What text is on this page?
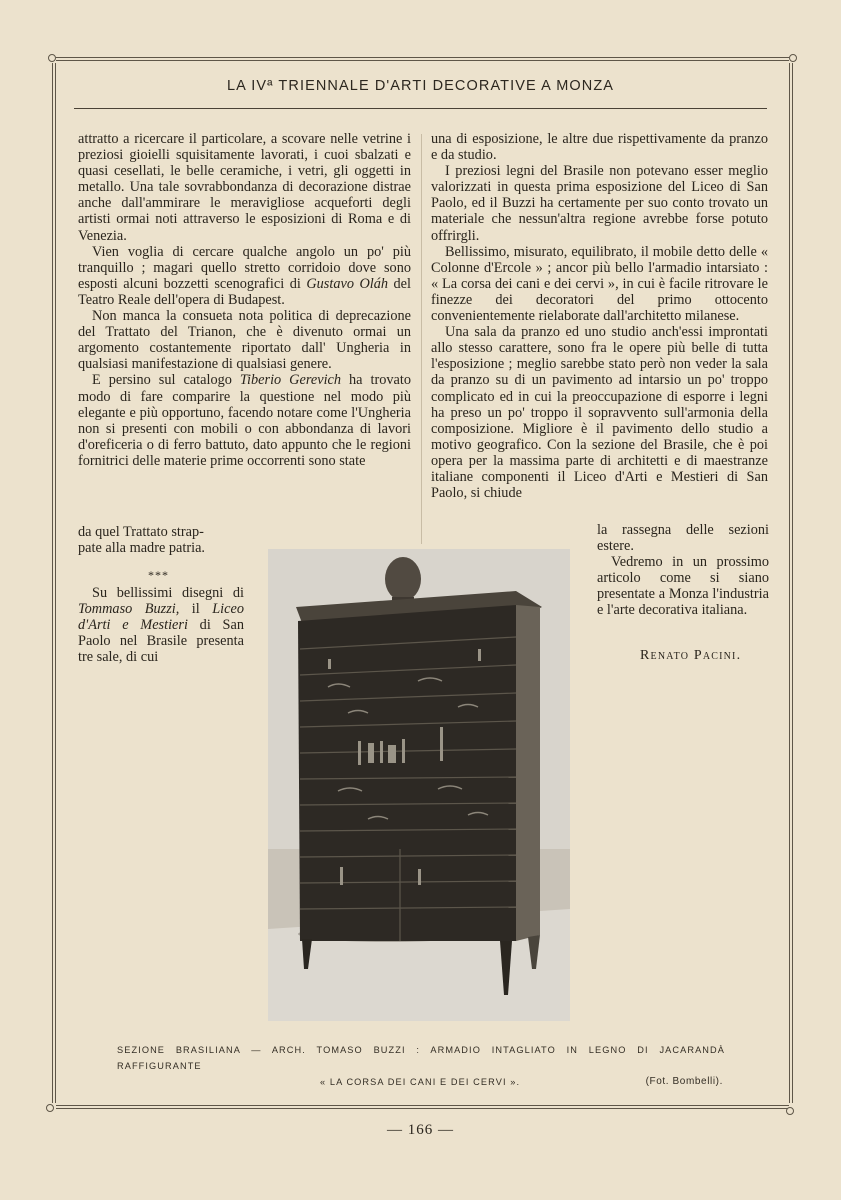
LA IVª TRIENNALE D'ARTI DECORATIVE A MONZA

attratto a ricercare il particolare, a scovare nelle vetrine i preziosi gioielli squisitamente lavorati, i cuoi sbalzati e quasi cesellati, le belle ceramiche, i vetri, gli oggetti in metallo. Una tale sovrabbondanza di decorazione distrae anche dall'ammirare le meravigliose acqueforti degli artisti ormai noti attraverso le esposizioni di Roma e di Venezia.

Vien voglia di cercare qualche angolo un po' più tranquillo ; magari quello stretto corridoio dove sono esposti alcuni bozzetti scenografici di Gustavo Oláh del Teatro Reale dell'opera di Budapest.

Non manca la consueta nota politica di deprecazione del Trattato del Trianon, che è divenuto ormai un argomento costantemente riportato dall' Ungheria in qualsiasi manifestazione di qualsiasi genere.

E persino sul catalogo Tiberio Gerevich ha trovato modo di fare comparire la questione nel modo più elegante e più opportuno, facendo notare come l'Ungheria non si presenti con mobili o con abbondanza di lavori d'oreficeria o di ferro battuto, dato appunto che le regioni fornitrici delle materie prime occorrenti sono state

da quel Trattato strap-

pate alla madre patria.

***

Su bellissimi disegni di Tommaso Buzzi, il Liceo d'Arti e Mestieri di San Paolo nel Brasile presenta tre sale, di cui

una di esposizione, le altre due rispettivamente da pranzo e da studio.

I preziosi legni del Brasile non potevano esser meglio valorizzati in questa prima esposizione del Liceo di San Paolo, ed il Buzzi ha certamente per suo conto trovato un materiale che nessun'altra regione avrebbe forse potuto offrirgli.

Bellissimo, misurato, equilibrato, il mobile detto delle « Colonne d'Ercole » ; ancor più bello l'armadio intarsiato : « La corsa dei cani e dei cervi », in cui è facile ritrovare le finezze dei decoratori del primo ottocento convenientemente rielaborate dall'architetto milanese.

Una sala da pranzo ed uno studio anch'essi improntati allo stesso carattere, sono fra le opere più belle di tutta l'esposizione ; meglio sarebbe stato però non veder la sala da pranzo su di un pavimento ad intarsio un po' troppo complicato ed in cui la preoccupazione di esporre i legni ha preso un po' troppo il sopravvento sull'armonia della composizione. Migliore è il pavimento dello studio a motivo geografico. Con la sezione del Brasile, che è poi opera per la massima parte di architetti e di maestranze italiane componenti il Liceo d'Arti e Mestieri di San Paolo, si chiude

la rassegna delle sezioni estere.

Vedremo in un prossimo articolo come si siano presentate a Monza l'industria e l'arte decorativa italiana.

Renato Pacini.
SEZIONE BRASILIANA — ARCH. TOMASO BUZZI : ARMADIO INTAGLIATO IN LEGNO DI JACARANDÀ RAFFIGURANTE
« LA CORSA DEI CANI E DEI CERVI ».	(Fot. Bombelli).
— 166 —
